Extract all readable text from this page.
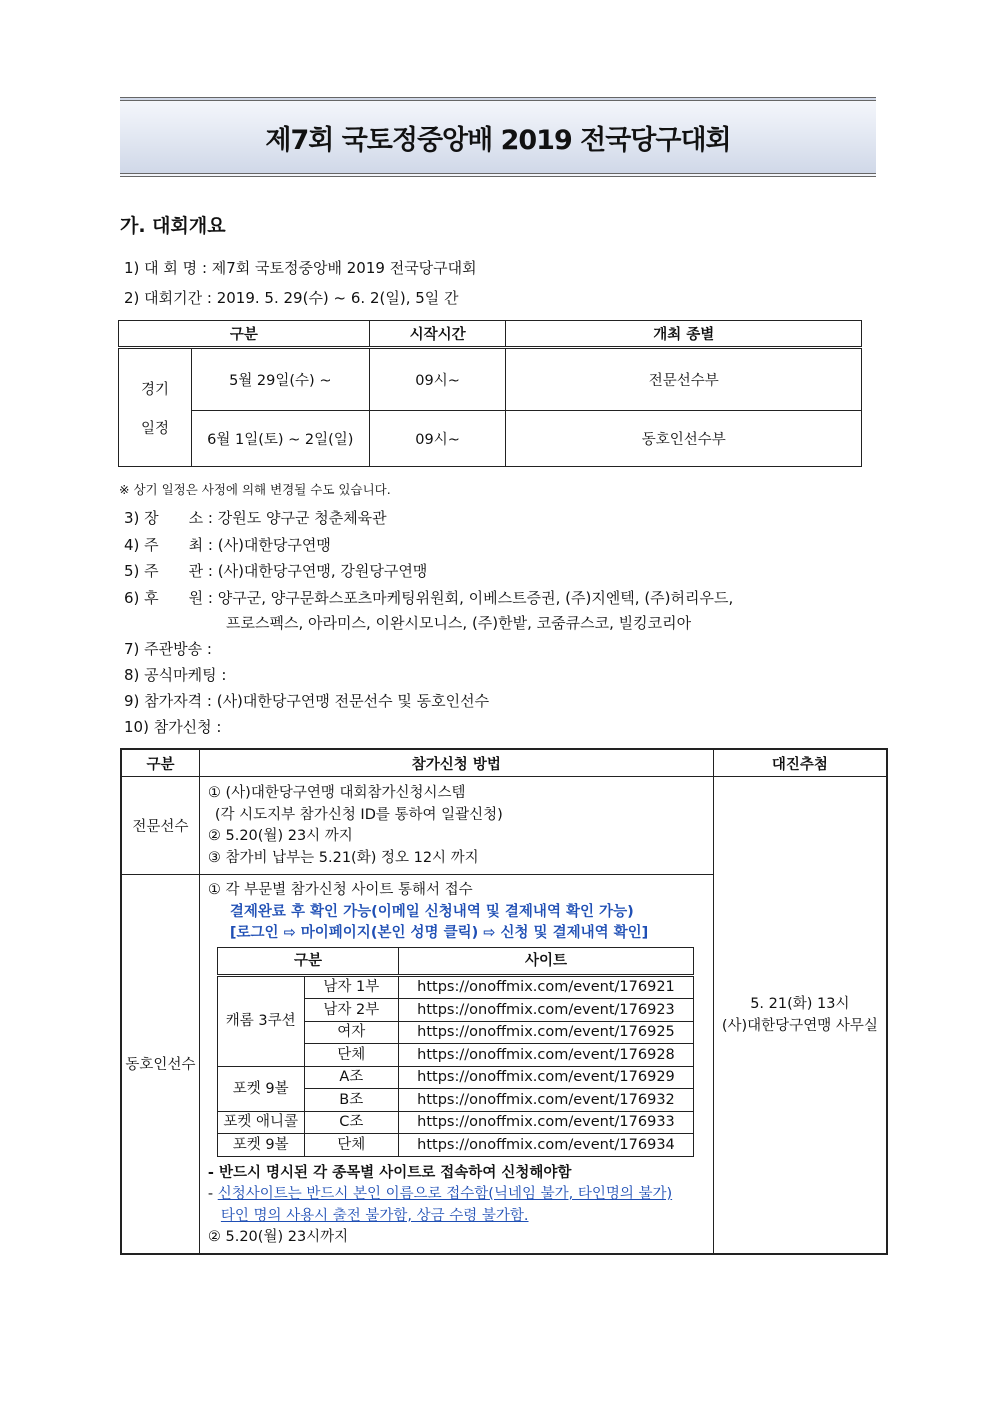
제7회 국토정중앙배 2019 전국당구대회
가. 대회개요
1) 대 회 명 : 제7회 국토정중앙배 2019 전국당구대회
2) 대회기간 : 2019. 5. 29(수) ~ 6. 2(일), 5일 간
구분		시작시간	개최 종별

경기
일정	5월 29일(수) ~	09시~	전문선수부
	6월 1일(토) ~ 2일(일)	09시~	동호인선수부
※ 상기 일정은 사정에 의해 변경될 수도 있습니다.
3) 장　　소 : 강원도 양구군 청춘체육관
4) 주　　최 : (사)대한당구연맹
5) 주　　관 : (사)대한당구연맹, 강원당구연맹
6) 후　　원 : 양구군, 양구문화스포츠마케팅위원회, 이베스트증권, (주)지엔텍, (주)허리우드,
프로스펙스, 아라미스, 이완시모니스, (주)한밭, 코줌큐스코, 빌킹코리아
7) 주관방송 :
8) 공식마케팅 :
9) 참가자격 : (사)대한당구연맹 전문선수 및 동호인선수
10) 참가신청 :
구분	참가신청 방법	대진추첨
전문선수	
① (사)대한당구연맹 대회참가신청시스템
(각 시도지부 참가신청 ID를 통하여 일괄신청)
② 5.20(월) 23시 까지
③ 참가비 납부는 5.21(화) 정오 12시 까지

5. 21(화) 13시
(사)대한당구연맹 사무실

동호인선수	
① 각 부문별 참가신청 사이트 통해서 접수
결제완료 후 확인 가능(이메일 신청내역 및 결제내역 확인 가능)
[로그인 ⇨ 마이페이지(본인 성명 클릭) ⇨ 신청 및 결제내역 확인]
구분	사이트
캐롬 3쿠션	남자 1부	https://onoffmix.com/event/176921
남자 2부	https://onoffmix.com/event/176923
여자	https://onoffmix.com/event/176925
단체	https://onoffmix.com/event/176928
포켓 9볼	A조	https://onoffmix.com/event/176929
B조	https://onoffmix.com/event/176932
포켓 애니콜	C조	https://onoffmix.com/event/176933
포켓 9볼	단체	https://onoffmix.com/event/176934
- 반드시 명시된 각 종목별 사이트로 접속하여 신청해야함
- 신청사이트는 반드시 본인 이름으로 접수함(닉네임 불가, 타인명의 불가)
타인 명의 사용시 출전 불가함, 상금 수령 불가함.
② 5.20(월) 23시까지
